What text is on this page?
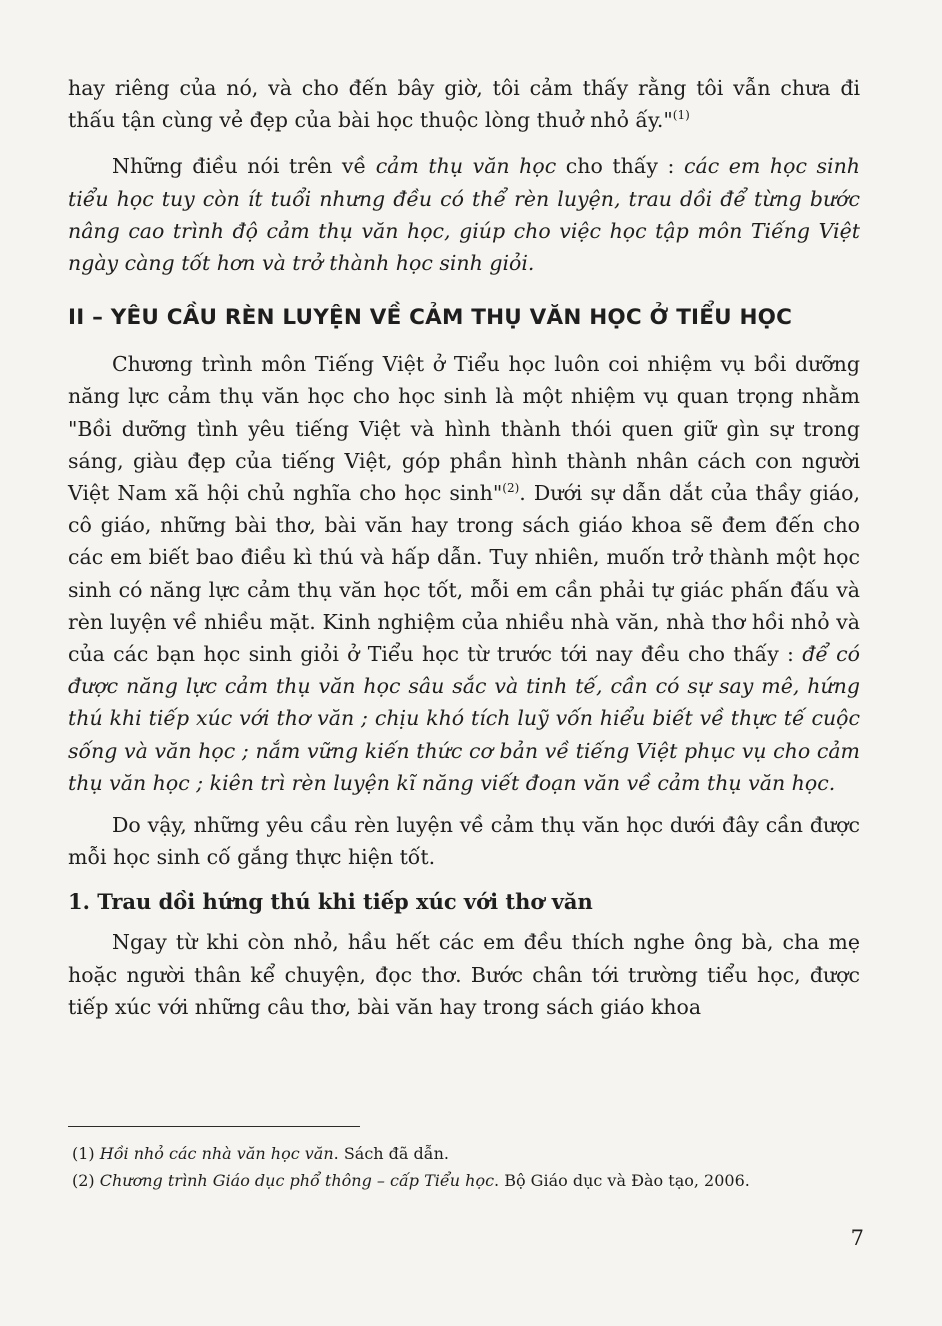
hay riêng của nó, và cho đến bây giờ, tôi cảm thấy rằng tôi vẫn chưa đi thấu tận cùng vẻ đẹp của bài học thuộc lòng thuở nhỏ ấy."$^{(1)}$

Những điều nói trên về cảm thụ văn học cho thấy : các em học sinh tiểu học tuy còn ít tuổi nhưng đều có thể rèn luyện, trau dồi để từng bước nâng cao trình độ cảm thụ văn học, giúp cho việc học tập môn Tiếng Việt ngày càng tốt hơn và trở thành học sinh giỏi.

II – YÊU CẦU RÈN LUYỆN VỀ CẢM THỤ VĂN HỌC Ở TIỂU HỌC

Chương trình môn Tiếng Việt ở Tiểu học luôn coi nhiệm vụ bồi dưỡng năng lực cảm thụ văn học cho học sinh là một nhiệm vụ quan trọng nhằm "Bồi dưỡng tình yêu tiếng Việt và hình thành thói quen giữ gìn sự trong sáng, giàu đẹp của tiếng Việt, góp phần hình thành nhân cách con người Việt Nam xã hội chủ nghĩa cho học sinh"$^{(2)}$. Dưới sự dẫn dắt của thầy giáo, cô giáo, những bài thơ, bài văn hay trong sách giáo khoa sẽ đem đến cho các em biết bao điều kì thú và hấp dẫn. Tuy nhiên, muốn trở thành một học sinh có năng lực cảm thụ văn học tốt, mỗi em cần phải tự giác phấn đấu và rèn luyện về nhiều mặt. Kinh nghiệm của nhiều nhà văn, nhà thơ hồi nhỏ và của các bạn học sinh giỏi ở Tiểu học từ trước tới nay đều cho thấy : để có được năng lực cảm thụ văn học sâu sắc và tinh tế, cần có sự say mê, hứng thú khi tiếp xúc với thơ văn ; chịu khó tích luỹ vốn hiểu biết về thực tế cuộc sống và văn học ; nắm vững kiến thức cơ bản về tiếng Việt phục vụ cho cảm thụ văn học ; kiên trì rèn luyện kĩ năng viết đoạn văn về cảm thụ văn học.

Do vậy, những yêu cầu rèn luyện về cảm thụ văn học dưới đây cần được mỗi học sinh cố gắng thực hiện tốt.

1. Trau dồi hứng thú khi tiếp xúc với thơ văn

Ngay từ khi còn nhỏ, hầu hết các em đều thích nghe ông bà, cha mẹ hoặc người thân kể chuyện, đọc thơ. Bước chân tới trường tiểu học, được tiếp xúc với những câu thơ, bài văn hay trong sách giáo khoa

(1) Hồi nhỏ các nhà văn học văn. Sách đã dẫn.
(2) Chương trình Giáo dục phổ thông – cấp Tiểu học. Bộ Giáo dục và Đào tạo, 2006.
7
